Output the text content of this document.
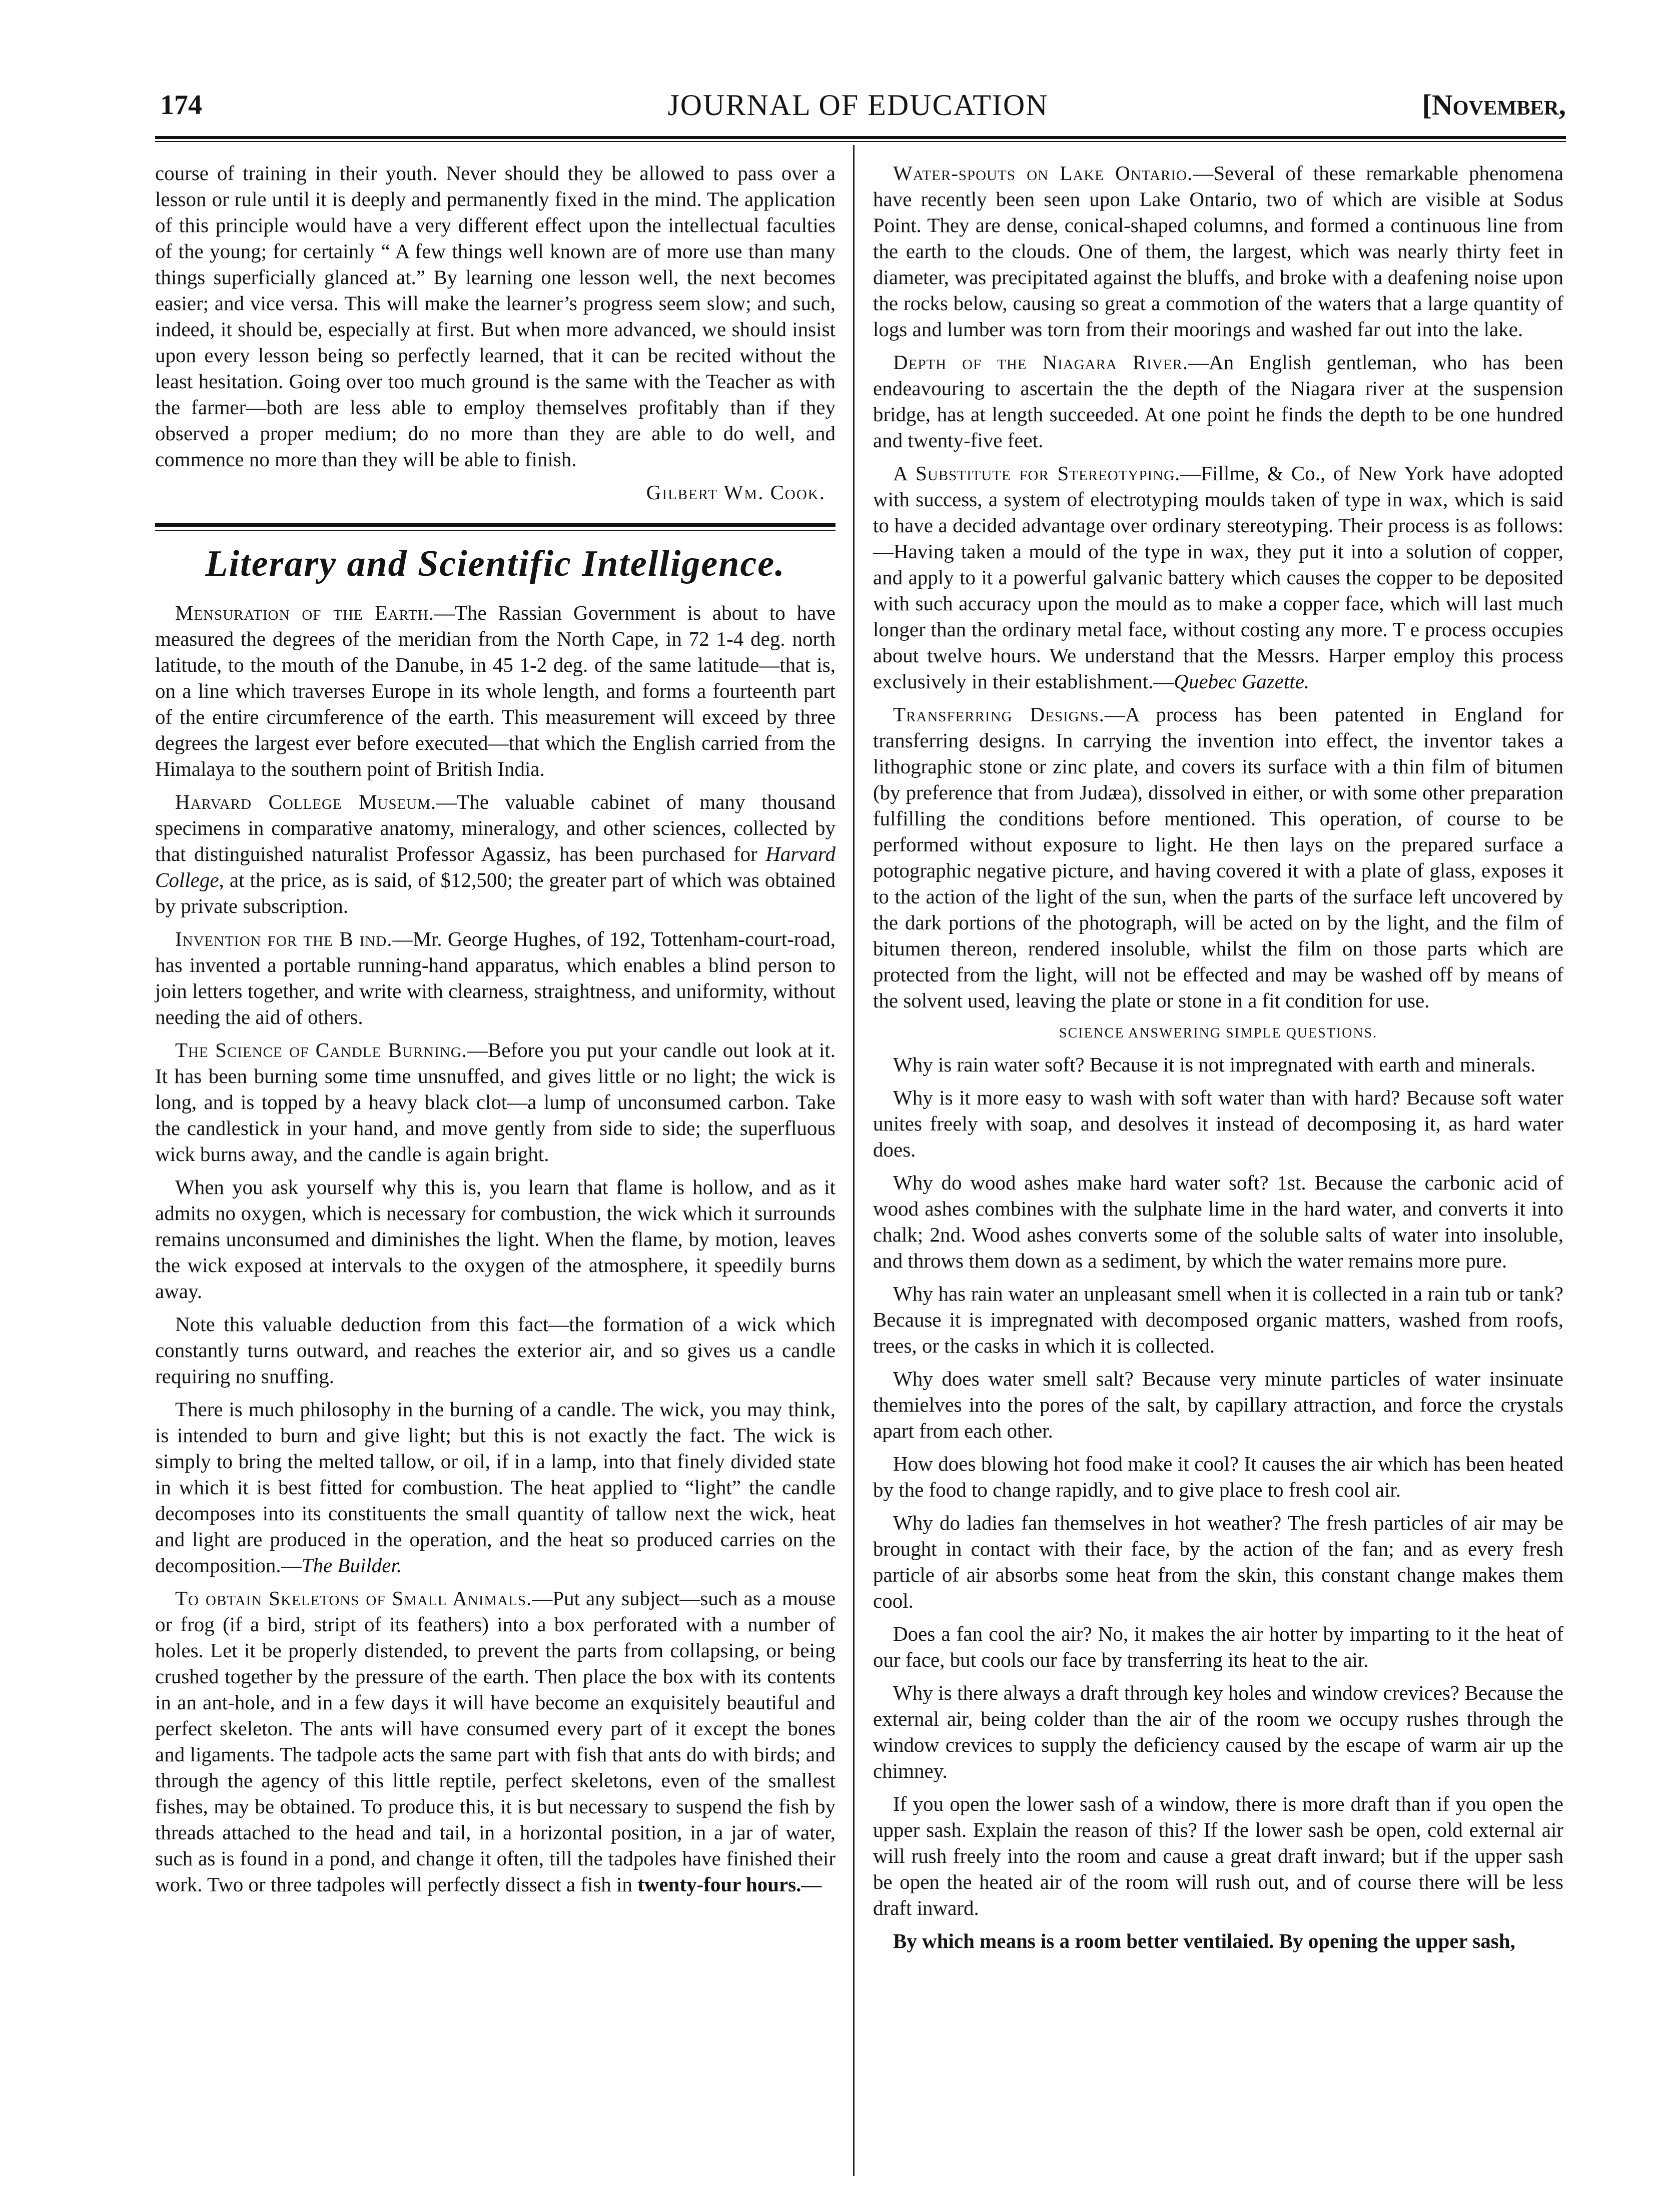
174	JOURNAL OF EDUCATION	[November,

course of training in their youth. Never should they be allowed to pass over a lesson or rule until it is deeply and permanently fixed in the mind. The application of this principle would have a very different effect upon the intellectual faculties of the young; for certainly “ A few things well known are of more use than many things superficially glanced at.” By learning one lesson well, the next becomes easier; and vice versa. This will make the learner’s progress seem slow; and such, indeed, it should be, especially at first. But when more advanced, we should insist upon every lesson being so perfectly learned, that it can be recited without the least hesitation. Going over too much ground is the same with the Teacher as with the farmer—both are less able to employ themselves profitably than if they observed a proper medium; do no more than they are able to do well, and commence no more than they will be able to finish.

Gilbert Wm. Cook.

Literary and Scientific Intelligence.

Mensuration of the Earth.—The Rassian Government is about to have measured the degrees of the meridian from the North Cape, in 72 1-4 deg. north latitude, to the mouth of the Danube, in 45 1-2 deg. of the same latitude—that is, on a line which traverses Europe in its whole length, and forms a fourteenth part of the entire circumference of the earth. This measurement will exceed by three degrees the largest ever before executed—that which the English carried from the Himalaya to the southern point of British India.

Harvard College Museum.—The valuable cabinet of many thousand specimens in comparative anatomy, mineralogy, and other sciences, collected by that distinguished naturalist Professor Agassiz, has been purchased for Harvard College, at the price, as is said, of $12,500; the greater part of which was obtained by private subscription.

Invention for the B ind.—Mr. George Hughes, of 192, Tottenham-court-road, has invented a portable running-hand apparatus, which enables a blind person to join letters together, and write with clearness, straightness, and uniformity, without needing the aid of others.

The Science of Candle Burning.—Before you put your candle out look at it. It has been burning some time unsnuffed, and gives little or no light; the wick is long, and is topped by a heavy black clot—a lump of unconsumed carbon. Take the candlestick in your hand, and move gently from side to side; the superfluous wick burns away, and the candle is again bright.

When you ask yourself why this is, you learn that flame is hollow, and as it admits no oxygen, which is necessary for combustion, the wick which it surrounds remains unconsumed and diminishes the light. When the flame, by motion, leaves the wick exposed at intervals to the oxygen of the atmosphere, it speedily burns away.

Note this valuable deduction from this fact—the formation of a wick which constantly turns outward, and reaches the exterior air, and so gives us a candle requiring no snuffing.

There is much philosophy in the burning of a candle. The wick, you may think, is intended to burn and give light; but this is not exactly the fact. The wick is simply to bring the melted tallow, or oil, if in a lamp, into that finely divided state in which it is best fitted for combustion. The heat applied to “light” the candle decomposes into its constituents the small quantity of tallow next the wick, heat and light are produced in the operation, and the heat so produced carries on the decomposition.—The Builder.

To obtain Skeletons of Small Animals.—Put any subject—such as a mouse or frog (if a bird, stript of its feathers) into a box perforated with a number of holes. Let it be properly distended, to prevent the parts from collapsing, or being crushed together by the pressure of the earth. Then place the box with its contents in an ant-hole, and in a few days it will have become an exquisitely beautiful and perfect skeleton. The ants will have consumed every part of it except the bones and ligaments. The tadpole acts the same part with fish that ants do with birds; and through the agency of this little reptile, perfect skeletons, even of the smallest fishes, may be obtained. To produce this, it is but necessary to suspend the fish by threads attached to the head and tail, in a horizontal position, in a jar of water, such as is found in a pond, and change it often, till the tadpoles have finished their work. Two or three tadpoles will perfectly dissect a fish in twenty-four hours.—

Water-spouts on Lake Ontario.—Several of these remarkable phenomena have recently been seen upon Lake Ontario, two of which are visible at Sodus Point. They are dense, conical-shaped columns, and formed a continuous line from the earth to the clouds. One of them, the largest, which was nearly thirty feet in diameter, was precipitated against the bluffs, and broke with a deafening noise upon the rocks below, causing so great a commotion of the waters that a large quantity of logs and lumber was torn from their moorings and washed far out into the lake.

Depth of the Niagara River.—An English gentleman, who has been endeavouring to ascertain the the depth of the Niagara river at the suspension bridge, has at length succeeded. At one point he finds the depth to be one hundred and twenty-five feet.

A Substitute for Stereotyping.—Fillme, & Co., of New York have adopted with success, a system of electrotyping moulds taken of type in wax, which is said to have a decided advantage over ordinary stereotyping. Their process is as follows:—Having taken a mould of the type in wax, they put it into a solution of copper, and apply to it a powerful galvanic battery which causes the copper to be deposited with such accuracy upon the mould as to make a copper face, which will last much longer than the ordinary metal face, without costing any more. T e process occupies about twelve hours. We understand that the Messrs. Harper employ this process exclusively in their establishment.—Quebec Gazette.

Transferring Designs.—A process has been patented in England for transferring designs. In carrying the invention into effect, the inventor takes a lithographic stone or zinc plate, and covers its surface with a thin film of bitumen (by preference that from Judæa), dissolved in either, or with some other preparation fulfilling the conditions before mentioned. This operation, of course to be performed without exposure to light. He then lays on the prepared surface a potographic negative picture, and having covered it with a plate of glass, exposes it to the action of the light of the sun, when the parts of the surface left uncovered by the dark portions of the photograph, will be acted on by the light, and the film of bitumen thereon, rendered insoluble, whilst the film on those parts which are protected from the light, will not be effected and may be washed off by means of the solvent used, leaving the plate or stone in a fit condition for use.

SCIENCE ANSWERING SIMPLE QUESTIONS.

Why is rain water soft? Because it is not impregnated with earth and minerals.

Why is it more easy to wash with soft water than with hard? Because soft water unites freely with soap, and desolves it instead of decomposing it, as hard water does.

Why do wood ashes make hard water soft? 1st. Because the carbonic acid of wood ashes combines with the sulphate lime in the hard water, and converts it into chalk; 2nd. Wood ashes converts some of the soluble salts of water into insoluble, and throws them down as a sediment, by which the water remains more pure.

Why has rain water an unpleasant smell when it is collected in a rain tub or tank? Because it is impregnated with decomposed organic matters, washed from roofs, trees, or the casks in which it is collected.

Why does water smell salt? Because very minute particles of water insinuate themielves into the pores of the salt, by capillary attraction, and force the crystals apart from each other.

How does blowing hot food make it cool? It causes the air which has been heated by the food to change rapidly, and to give place to fresh cool air.

Why do ladies fan themselves in hot weather? The fresh particles of air may be brought in contact with their face, by the action of the fan; and as every fresh particle of air absorbs some heat from the skin, this constant change makes them cool.

Does a fan cool the air? No, it makes the air hotter by imparting to it the heat of our face, but cools our face by transferring its heat to the air.

Why is there always a draft through key holes and window crevices? Because the external air, being colder than the air of the room we occupy rushes through the window crevices to supply the deficiency caused by the escape of warm air up the chimney.

If you open the lower sash of a window, there is more draft than if you open the upper sash. Explain the reason of this? If the lower sash be open, cold external air will rush freely into the room and cause a great draft inward; but if the upper sash be open the heated air of the room will rush out, and of course there will be less draft inward.

By which means is a room better ventilaied. By opening the upper sash,
